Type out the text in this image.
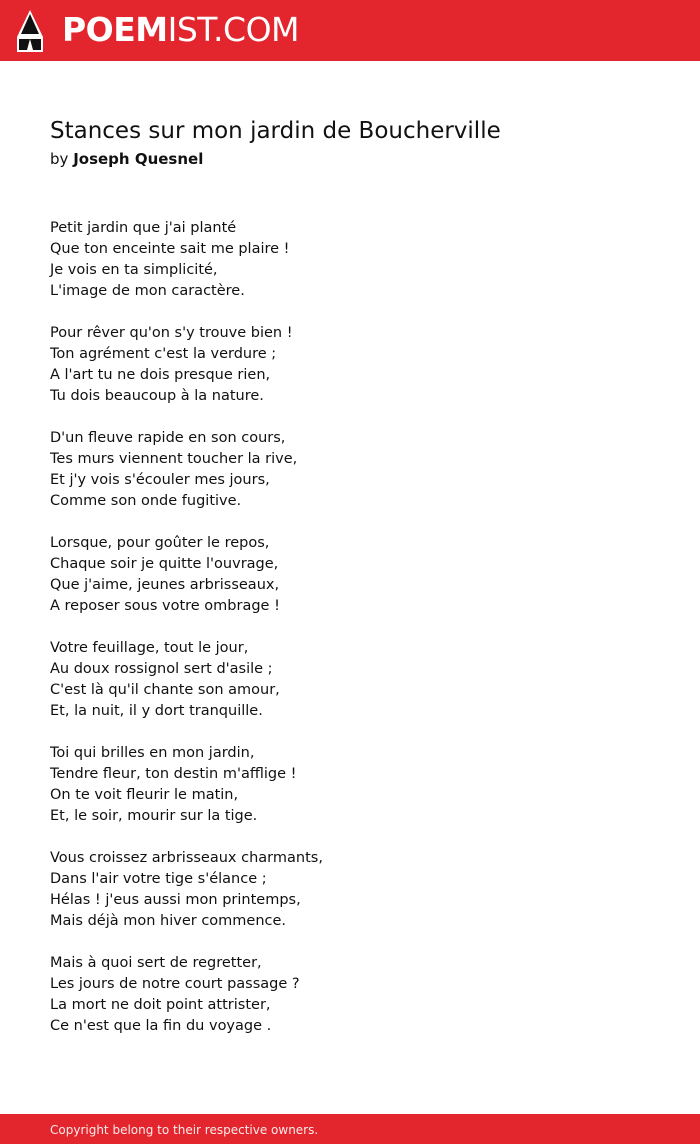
POEMIST.COM
Stances sur mon jardin de Boucherville
by Joseph Quesnel
Petit jardin que j'ai planté
Que ton enceinte sait me plaire !
Je vois en ta simplicité,
L'image de mon caractère.
Pour rêver qu'on s'y trouve bien !
Ton agrément c'est la verdure ;
A l'art tu ne dois presque rien,
Tu dois beaucoup à la nature.
D'un fleuve rapide en son cours,
Tes murs viennent toucher la rive,
Et j'y vois s'écouler mes jours,
Comme son onde fugitive.
Lorsque, pour goûter le repos,
Chaque soir je quitte l'ouvrage,
Que j'aime, jeunes arbrisseaux,
A reposer sous votre ombrage !
Votre feuillage, tout le jour,
Au doux rossignol sert d'asile ;
C'est là qu'il chante son amour,
Et, la nuit, il y dort tranquille.
Toi qui brilles en mon jardin,
Tendre fleur, ton destin m'afflige !
On te voit fleurir le matin,
Et, le soir, mourir sur la tige.
Vous croissez arbrisseaux charmants,
Dans l'air votre tige s'élance ;
Hélas ! j'eus aussi mon printemps,
Mais déjà mon hiver commence.
Mais à quoi sert de regretter,
Les jours de notre court passage ?
La mort ne doit point attrister,
Ce n'est que la fin du voyage .
Copyright belong to their respective owners.
